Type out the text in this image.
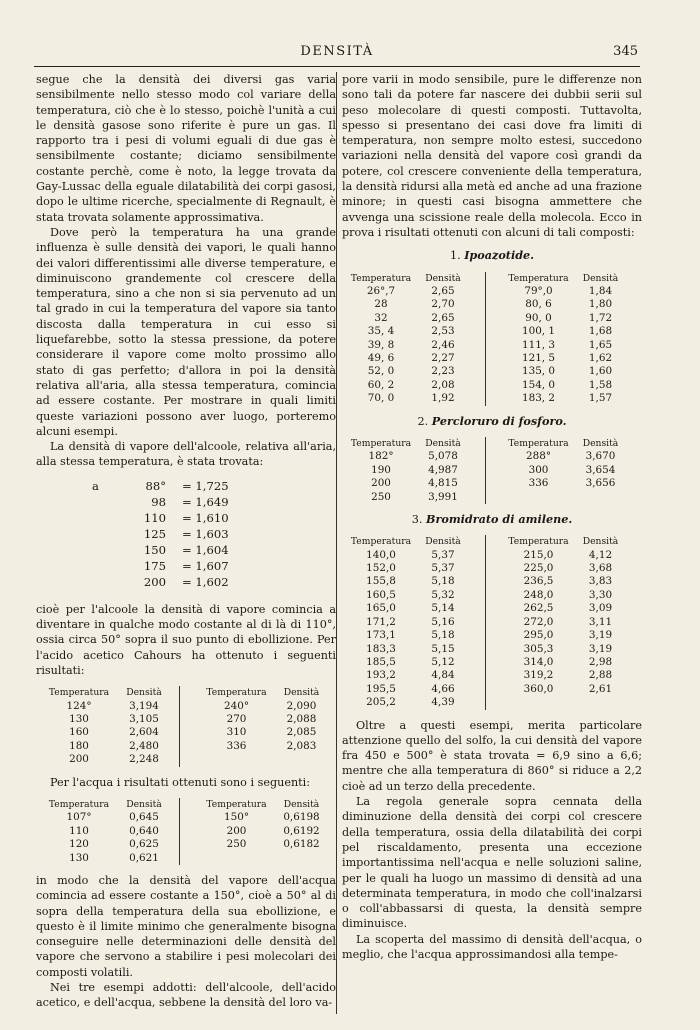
DENSITÀ	345

segue che la densità dei diversi gas varia sensibilmente nello stesso modo col variare della temperatura, ciò che è lo stesso, poichè l'unità a cui le densità gasose sono riferite è pure un gas. Il rapporto tra i pesi di volumi eguali di due gas è sensibilmente costante; diciamo sensibilmente costante perchè, come è noto, la legge trovata da Gay-Lussac della eguale dilatabilità dei corpi gasosi, dopo le ultime ricerche, specialmente di Regnault, è stata trovata solamente approssimativa.

Dove però la temperatura ha una grande influenza è sulle densità dei vapori, le quali hanno dei valori differentissimi alle diverse temperature, e diminuiscono grandemente col crescere della temperatura, sino a che non si sia pervenuto ad un tal grado in cui la temperatura del vapore sia tanto discosta dalla temperatura in cui esso si liquefarebbe, sotto la stessa pressione, da potere considerare il vapore come molto prossimo allo stato di gas perfetto; d'allora in poi la densità relativa all'aria, alla stessa temperatura, comincia ad essere costante. Per mostrare in quali limiti queste variazioni possono aver luogo, porteremo alcuni esempi.

La densità di vapore dell'alcoole, relativa all'aria, alla stessa temperatura, è stata trovata:

a	88°	= 1,725
98	= 1,649
110	= 1,610
125	= 1,603
150	= 1,604
175	= 1,607
200	= 1,602

cioè per l'alcoole la densità di vapore comincia a diventare in qualche modo costante al di là di 110°, ossia circa 50° sopra il suo punto di ebollizione. Per l'acido acetico Cahours ha ottenuto i seguenti risultati:

Temperatura	Densità
124°	3,194
130	3,105
160	2,604
180	2,480
200	2,248
Temperatura	Densità
240°	2,090
270	2,088
310	2,085
336	2,083

Per l'acqua i risultati ottenuti sono i seguenti:

Temperatura	Densità
107°	0,645
110	0,640
120	0,625
130	0,621
Temperatura	Densità
150°	0,6198
200	0,6192
250	0,6182

in modo che la densità del vapore dell'acqua comincia ad essere costante a 150°, cioè a 50° al di sopra della temperatura della sua ebollizione, e questo è il limite minimo che generalmente bisogna conseguire nelle determinazioni delle densità del vapore che servono a stabilire i pesi molecolari dei composti volatili.

Nei tre esempi addotti: dell'alcoole, dell'acido acetico, e dell'acqua, sebbene la densità del loro va-

pore varii in modo sensibile, pure le differenze non sono tali da potere far nascere dei dubbii serii sul peso molecolare di questi composti. Tuttavolta, spesso si presentano dei casi dove fra limiti di temperatura, non sempre molto estesi, succedono variazioni nella densità del vapore così grandi da potere, col crescere conveniente della temperatura, la densità ridursi alla metà ed anche ad una frazione minore; in questi casi bisogna ammettere che avvenga una scissione reale della molecola. Ecco in prova i risultati ottenuti con alcuni di tali composti:

1. Ipoazotide.
Temperatura	Densità
26°,7	2,65
28	2,70
32	2,65
35, 4	2,53
39, 8	2,46
49, 6	2,27
52, 0	2,23
60, 2	2,08
70, 0	1,92
Temperatura	Densità
79°,0	1,84
80, 6	1,80
90, 0	1,72
100, 1	1,68
111, 3	1,65
121, 5	1,62
135, 0	1,60
154, 0	1,58
183, 2	1,57
2. Percloruro di fosforo.
Temperatura	Densità
182°	5,078
190	4,987
200	4,815
250	3,991
Temperatura	Densità
288°	3,670
300	3,654
336	3,656
3. Bromidrato di amilene.
Temperatura	Densità
140,0	5,37
152,0	5,37
155,8	5,18
160,5	5,32
165,0	5,14
171,2	5,16
173,1	5,18
183,3	5,15
185,5	5,12
193,2	4,84
195,5	4,66
205,2	4,39
Temperatura	Densità
215,0	4,12
225,0	3,68
236,5	3,83
248,0	3,30
262,5	3,09
272,0	3,11
295,0	3,19
305,3	3,19
314,0	2,98
319,2	2,88
360,0	2,61

Oltre a questi esempi, merita particolare attenzione quello del solfo, la cui densità del vapore fra 450 e 500° è stata trovata = 6,9 sino a 6,6; mentre che alla temperatura di 860° si riduce a 2,2 cioè ad un terzo della precedente.

La regola generale sopra cennata della diminuzione della densità dei corpi col crescere della temperatura, ossia della dilatabilità dei corpi pel riscaldamento, presenta una eccezione importantissima nell'acqua e nelle soluzioni saline, per le quali ha luogo un massimo di densità ad una determinata temperatura, in modo che coll'inalzarsi o coll'abbassarsi di questa, la densità sempre diminuisce.

La scoperta del massimo di densità dell'acqua, o meglio, che l'acqua approssimandosi alla tempe-
